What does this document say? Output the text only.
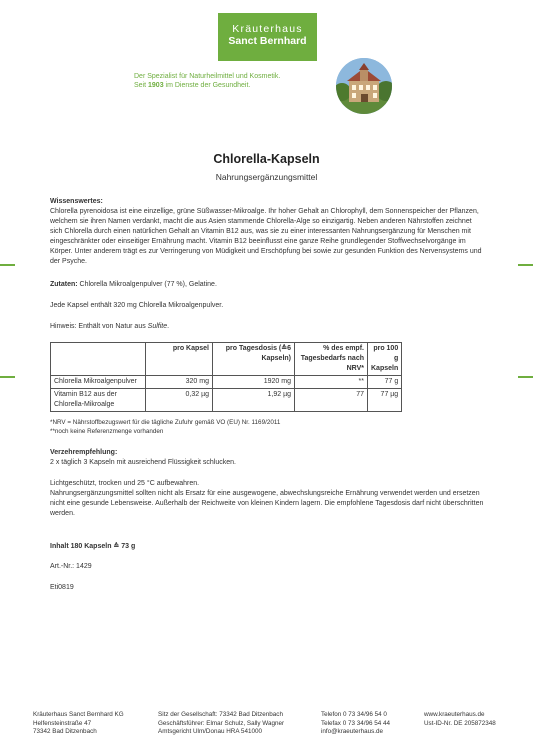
Kräuterhaus
Sanct Bernhard
Der Spezialist für Naturheilmittel und Kosmetik.
Seit 1903 im Dienste der Gesundheit.
Chlorella-Kapseln
Nahrungsergänzungsmittel

Wissenswertes:

Chlorella pyrenoidosa ist eine einzellige, grüne Süßwasser-Mikroalge. Ihr hoher Gehalt an Chlorophyll, dem Sonnenspeicher der Pflanzen, welchem sie ihren Namen verdankt, macht die aus Asien stammende Chlorella-Alge so einzigartig. Neben anderen Nährstoffen zeichnet sich Chlorella durch einen natürlichen Gehalt an Vitamin B12 aus, was sie zu einer interessanten Nahrungsergänzung für Menschen mit eingeschränkter oder einseitiger Ernährung macht. Vitamin B12 beeinflusst eine ganze Reihe grundlegender Stoffwechselvorgänge im Körper. Unter anderem trägt es zur Verringerung von Müdigkeit und Erschöpfung bei sowie zur gesunden Funktion des Nervensystems und der Psyche.

Zutaten: Chlorella Mikroalgenpulver (77 %), Gelatine.

Jede Kapsel enthält 320 mg Chlorella Mikroalgenpulver.

Hinweis: Enthält von Natur aus Sulfite.

	pro Kapsel	pro Tagesdosis (≙6 Kapseln)	% des empf. Tagesbedarfs nach NRV*	pro 100 g Kapseln
Chlorella Mikroalgenpulver	320 mg	1920 mg	**	77 g
Vitamin B12 aus der Chlorella-Mikroalge	0,32 µg	1,92 µg	77	77 µg

*NRV = Nährstoffbezugswert für die tägliche Zufuhr gemäß VO (EU) Nr. 1169/2011

**noch keine Referenzmenge vorhanden

Verzehrempfehlung:

2 x täglich 3 Kapseln mit ausreichend Flüssigkeit schlucken.

Lichtgeschützt, trocken und 25 °C aufbewahren.

Nahrungsergänzungsmittel sollten nicht als Ersatz für eine ausgewogene, abwechslungsreiche Ernährung verwendet werden und ersetzen nicht eine gesunde Lebensweise. Außerhalb der Reichweite von kleinen Kindern lagern. Die empfohlene Tagesdosis darf nicht überschritten werden.

Inhalt 180 Kapseln ≙ 73 g

Art.-Nr.: 1429
Eti0819
Kräuterhaus Sanct Bernhard KG
Helfensteinstraße 47
73342 Bad Ditzenbach
Sitz der Gesellschaft: 73342 Bad Ditzenbach
Geschäftsführer: Elmar Schulz, Sally Wagner
Amtsgericht Ulm/Donau HRA 541000
Telefon 0 73 34/96 54 0
Telefax 0 73 34/96 54 44
info@kraeuterhaus.de
www.kraeuterhaus.de
Ust-ID-Nr. DE 205872348
